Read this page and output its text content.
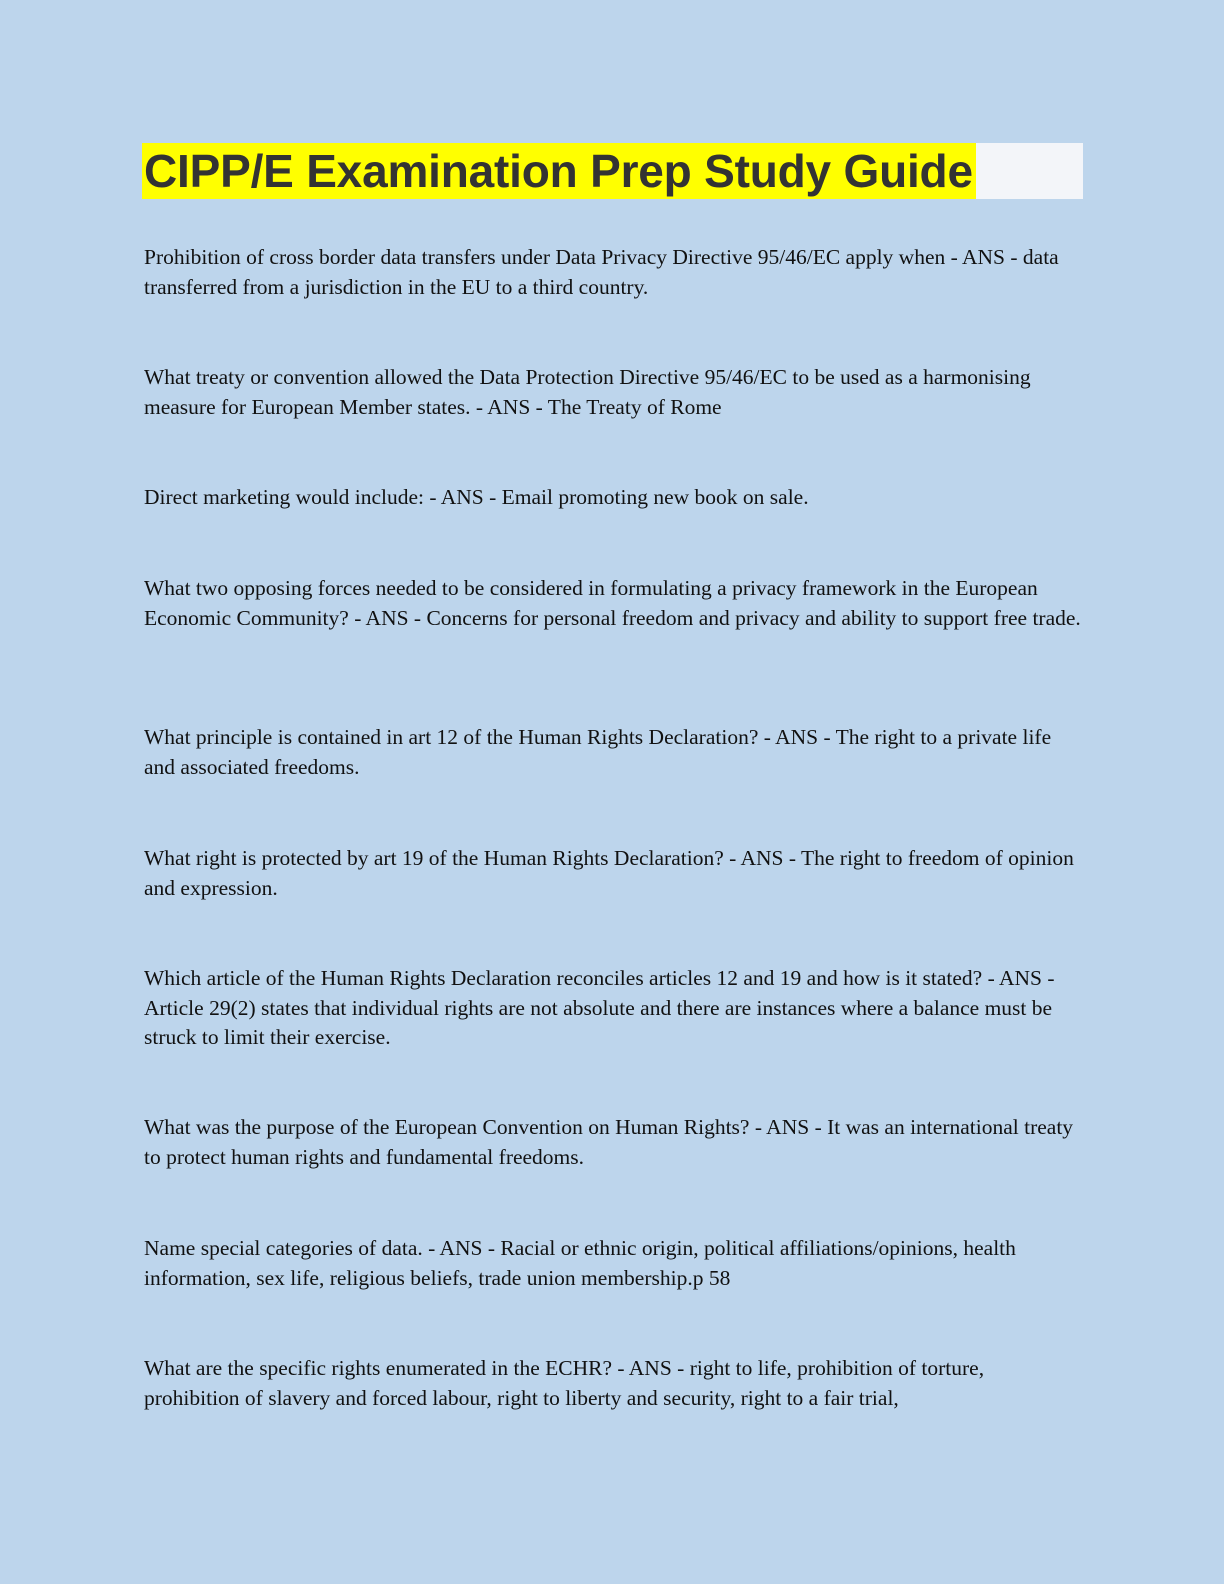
CIPP/E Examination Prep Study Guide

Prohibition of cross border data transfers under Data Privacy Directive 95/46/EC apply when - ANS - data transferred from a jurisdiction in the EU to a third country.

What treaty or convention allowed the Data Protection Directive 95/46/EC to be used as a harmonising measure for European Member states. - ANS - The Treaty of Rome

Direct marketing would include: - ANS - Email promoting new book on sale.

What two opposing forces needed to be considered in formulating a privacy framework in the European Economic Community? - ANS - Concerns for personal freedom and privacy and ability to support free trade.

What principle is contained in art 12 of the Human Rights Declaration? - ANS - The right to a private life and associated freedoms.

What right is protected by art 19 of the Human Rights Declaration? - ANS - The right to freedom of opinion and expression.

Which article of the Human Rights Declaration reconciles articles 12 and 19 and how is it stated? - ANS - Article 29(2) states that individual rights are not absolute and there are instances where a balance must be struck to limit their exercise.

What was the purpose of the European Convention on Human Rights? - ANS - It was an international treaty to protect human rights and fundamental freedoms.

Name special categories of data. - ANS - Racial or ethnic origin, political affiliations/opinions, health information, sex life, religious beliefs, trade union membership.p 58

What are the specific rights enumerated in the ECHR? - ANS - right to life, prohibition of torture, prohibition of slavery and forced labour, right to liberty and security, right to a fair trial,
